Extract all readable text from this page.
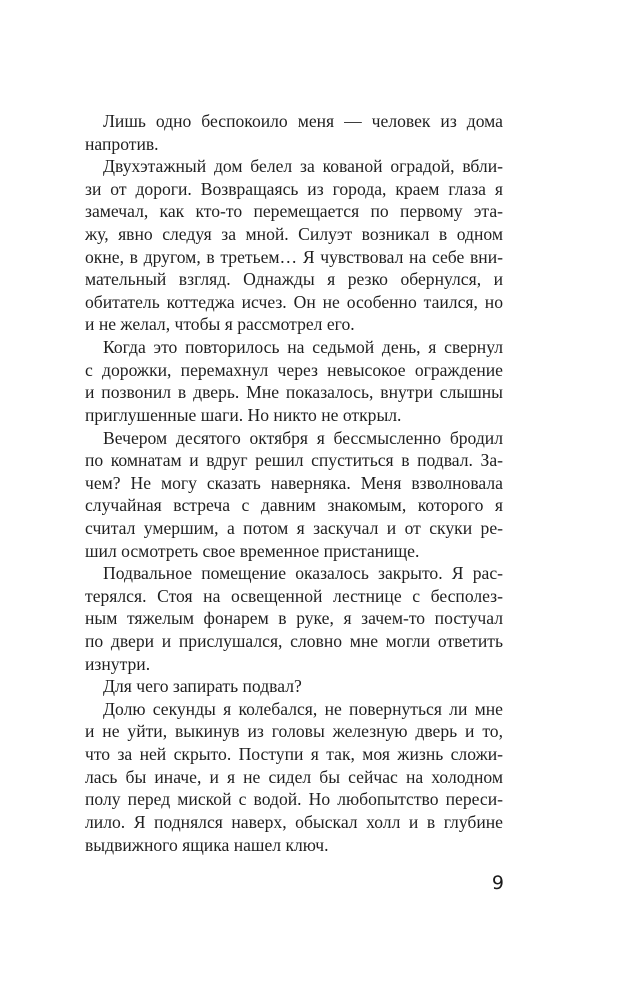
Лишь одно беспокоило меня — человек из дома
напротив.
Двухэтажный дом белел за кованой оградой, вбли-
зи от дороги. Возвращаясь из города, краем глаза я
замечал, как кто-то перемещается по первому эта-
жу, явно следуя за мной. Силуэт возникал в одном
окне, в другом, в третьем… Я чувствовал на себе вни-
мательный взгляд. Однажды я резко обернулся, и
обитатель коттеджа исчез. Он не особенно таился, но
и не желал, чтобы я рассмотрел его.
Когда это повторилось на седьмой день, я свернул
с дорожки, перемахнул через невысокое ограждение
и позвонил в дверь. Мне показалось, внутри слышны
приглушенные шаги. Но никто не открыл.
Вечером десятого октября я бессмысленно бродил
по комнатам и вдруг решил спуститься в подвал. За-
чем? Не могу сказать наверняка. Меня взволновала
случайная встреча с давним знакомым, которого я
считал умершим, а потом я заскучал и от скуки ре-
шил осмотреть свое временное пристанище.
Подвальное помещение оказалось закрыто. Я рас-
терялся. Стоя на освещенной лестнице с бесполез-
ным тяжелым фонарем в руке, я зачем-то постучал
по двери и прислушался, словно мне могли ответить
изнутри.
Для чего запирать подвал?
Долю секунды я колебался, не повернуться ли мне
и не уйти, выкинув из головы железную дверь и то,
что за ней скрыто. Поступи я так, моя жизнь сложи-
лась бы иначе, и я не сидел бы сейчас на холодном
полу перед миской с водой. Но любопытство переси-
лило. Я поднялся наверх, обыскал холл и в глубине
выдвижного ящика нашел ключ.
9
